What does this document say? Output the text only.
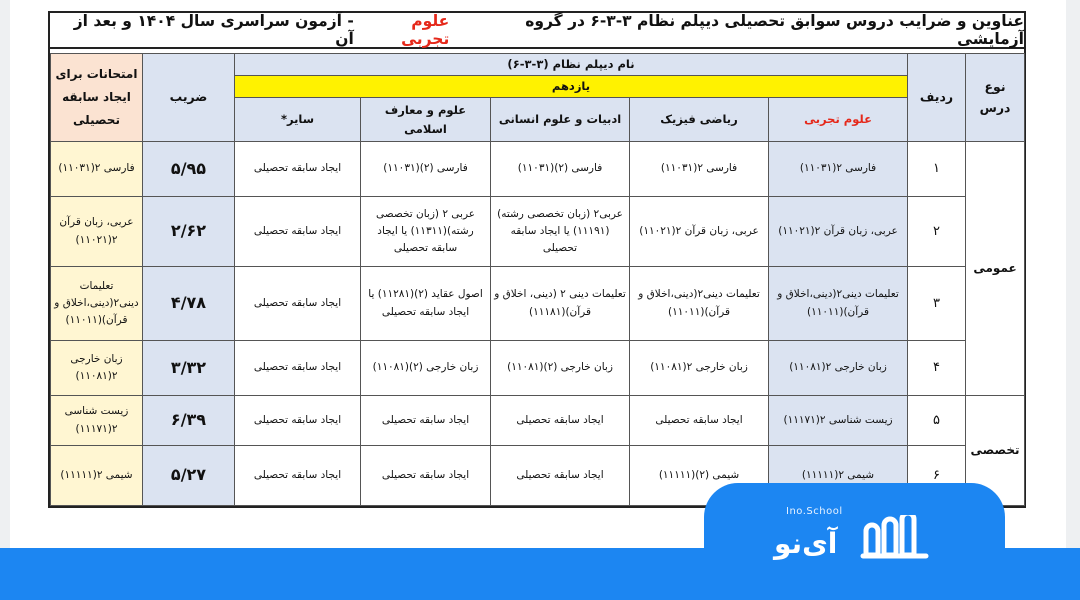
عناوین و ضرایب دروس سوابق تحصیلی دیپلم نظام ۳-۳-۶ در گروه آزمایشی
علوم تجربی
- آزمون سراسری سال ۱۴۰۴ و بعد از آن
نوع درس	ردیف	نام دیپلم نظام (۳-۳-۶)					ضریب	امتحانات برای ایجاد سابقه تحصیلی
		یازدهم						
		علوم تجربی	ریاضی فیزیک	ادبیات و علوم انسانی	علوم و معارف اسلامی	سایر*		
عمومی	۱	فارسی ۲(۱۱۰۳۱)	فارسی ۲(۱۱۰۳۱)	فارسی (۲)(۱۱۰۳۱)	فارسی (۲)(۱۱۰۳۱)	ایجاد سابقه تحصیلی	۵/۹۵	فارسی ۲(۱۱۰۳۱)
	۲	عربی، زبان قرآن ۲(۱۱۰۲۱)	عربی، زبان قرآن ۲(۱۱۰۲۱)	عربی۲ (زبان تخصصی رشته)(۱۱۱۹۱) یا ایجاد سابقه تحصیلی	عربی ۲ (زبان تخصصی رشته)(۱۱۳۱۱) یا ایجاد سابقه تحصیلی	ایجاد سابقه تحصیلی	۲/۶۲	عربی، زبان قرآن ۲(۱۱۰۲۱)
	۳	تعلیمات دینی۲(دینی،اخلاق و قرآن)(۱۱۰۱۱)	تعلیمات دینی۲(دینی،اخلاق و قرآن)(۱۱۰۱۱)	تعلیمات دینی ۲ (دینی، اخلاق و قرآن)(۱۱۱۸۱)	اصول عقاید (۲)(۱۱۲۸۱) یا ایجاد سابقه تحصیلی	ایجاد سابقه تحصیلی	۴/۷۸	تعلیمات دینی۲(دینی،اخلاق و قرآن)(۱۱۰۱۱)
	۴	زبان خارجی ۲(۱۱۰۸۱)	زبان خارجی ۲(۱۱۰۸۱)	زبان خارجی (۲)(۱۱۰۸۱)	زبان خارجی (۲)(۱۱۰۸۱)	ایجاد سابقه تحصیلی	۳/۳۲	زبان خارجی ۲(۱۱۰۸۱)
تخصصی	۵	زیست شناسی ۲(۱۱۱۷۱)	ایجاد سابقه تحصیلی	ایجاد سابقه تحصیلی	ایجاد سابقه تحصیلی	ایجاد سابقه تحصیلی	۶/۳۹	زیست شناسی ۲(۱۱۱۷۱)
	۶	شیمی ۲(۱۱۱۱۱)	شیمی (۲)(۱۱۱۱۱)	ایجاد سابقه تحصیلی	ایجاد سابقه تحصیلی	ایجاد سابقه تحصیلی	۵/۲۷	شیمی ۲(۱۱۱۱۱)
Ino.School
آی‌نو
